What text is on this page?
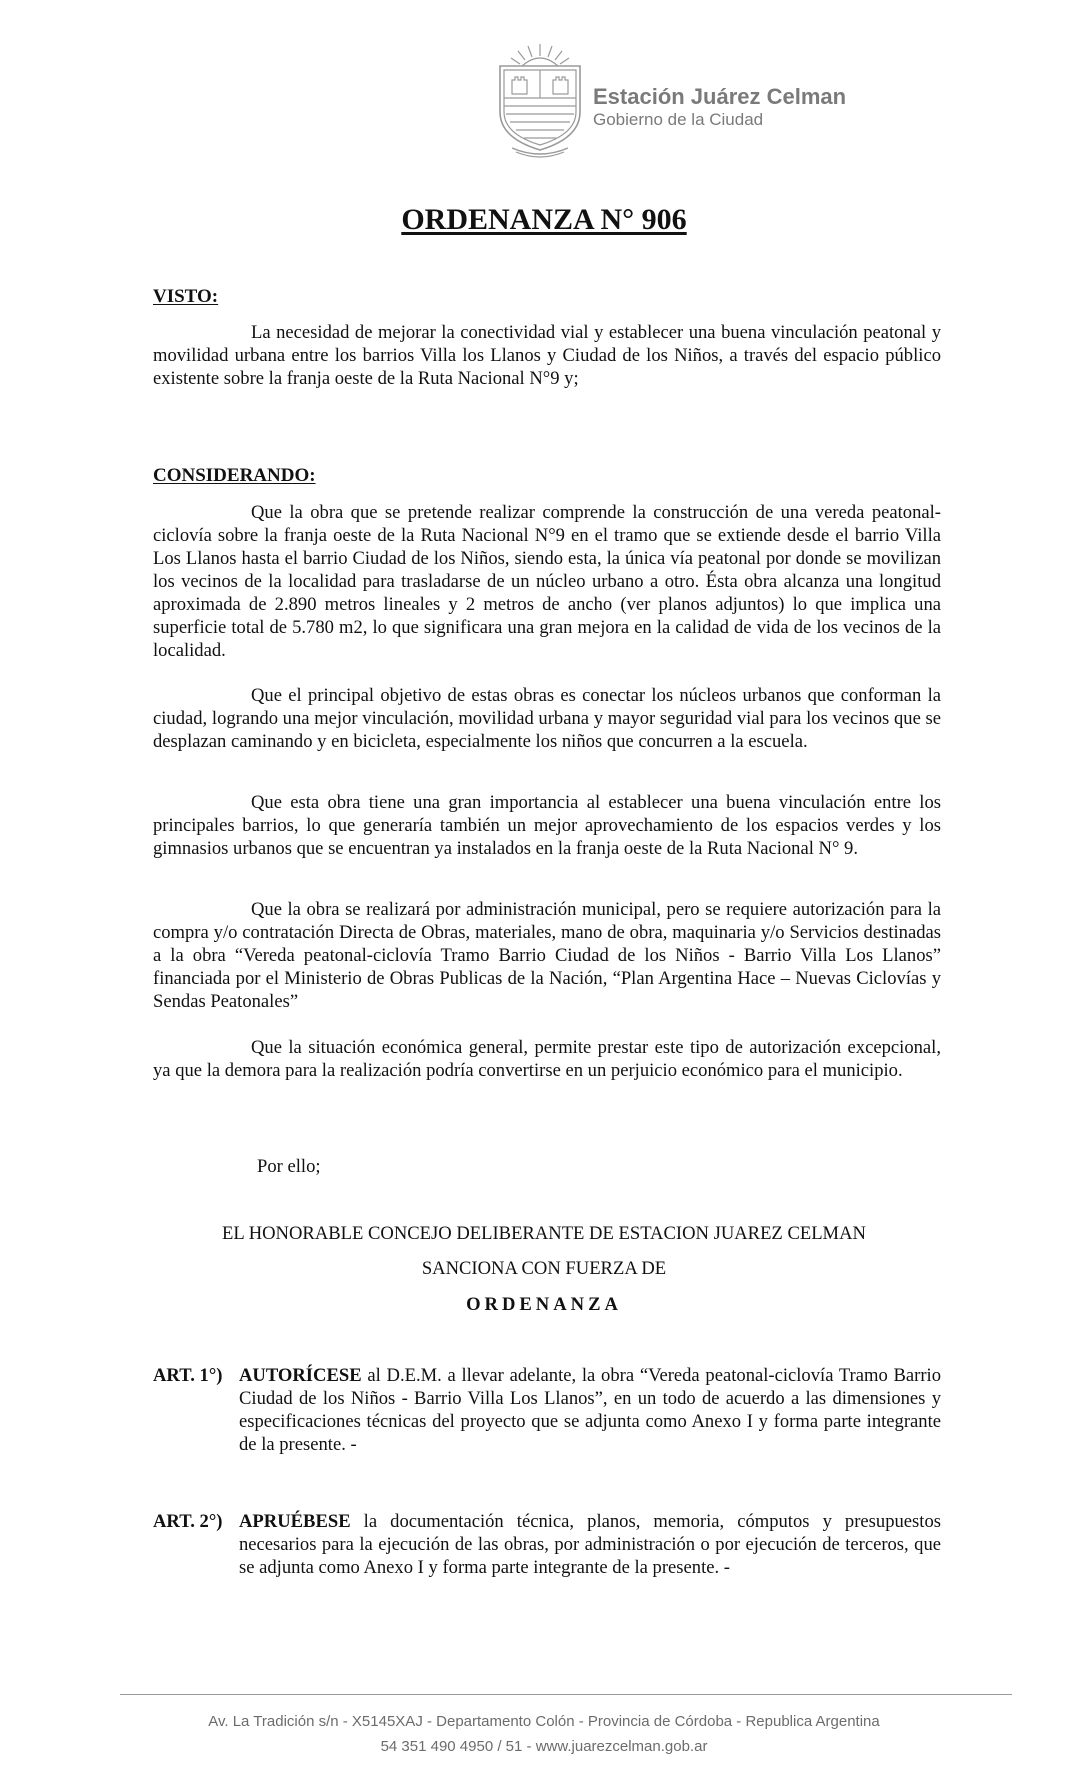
Estación Juárez Celman
Gobierno de la Ciudad
ORDENANZA N° 906
VISTO:

La necesidad de mejorar la conectividad vial y establecer una buena vinculación peatonal y movilidad urbana entre los barrios Villa los Llanos y Ciudad de los Niños, a través del espacio público existente sobre la franja oeste de la Ruta Nacional N°9 y;

CONSIDERANDO:

Que la obra que se pretende realizar comprende la construcción de una vereda peatonal-ciclovía sobre la franja oeste de la Ruta Nacional N°9 en el tramo que se extiende desde el barrio Villa Los Llanos hasta el barrio Ciudad de los Niños, siendo esta, la única vía peatonal por donde se movilizan los vecinos de la localidad para trasladarse de un núcleo urbano a otro. Ésta obra alcanza una longitud aproximada de 2.890 metros lineales y 2 metros de ancho (ver planos adjuntos) lo que implica una superficie total de 5.780 m2, lo que significara una gran mejora en la calidad de vida de los vecinos de la localidad.

Que el principal objetivo de estas obras es conectar los núcleos urbanos que conforman la ciudad, logrando una mejor vinculación, movilidad urbana y mayor seguridad vial para los vecinos que se desplazan caminando y en bicicleta, especialmente los niños que concurren a la escuela.

Que esta obra tiene una gran importancia al establecer una buena vinculación entre los principales barrios, lo que generaría también un mejor aprovechamiento de los espacios verdes y los gimnasios urbanos que se encuentran ya instalados en la franja oeste de la Ruta Nacional N° 9.

Que la obra se realizará por administración municipal, pero se requiere autorización para la compra y/o contratación Directa de Obras, materiales, mano de obra, maquinaria y/o Servicios destinadas a la obra “Vereda peatonal-ciclovía Tramo Barrio Ciudad de los Niños - Barrio Villa Los Llanos” financiada por el Ministerio de Obras Publicas de la Nación, “Plan Argentina Hace – Nuevas Ciclovías y Sendas Peatonales”

Que la situación económica general, permite prestar este tipo de autorización excepcional, ya que la demora para la realización podría convertirse en un perjuicio económico para el municipio.

Por ello;
EL HONORABLE CONCEJO DELIBERANTE DE ESTACION JUAREZ CELMAN
SANCIONA CON FUERZA DE
ORDENANZA
ART. 1°) AUTORÍCESE al D.E.M. a llevar adelante, la obra “Vereda peatonal-ciclovía Tramo Barrio Ciudad de los Niños - Barrio Villa Los Llanos”, en un todo de acuerdo a las dimensiones y especificaciones técnicas del proyecto que se adjunta como Anexo I y forma parte integrante de la presente. -
ART. 2°) APRUÉBESE la documentación técnica, planos, memoria, cómputos y presupuestos necesarios para la ejecución de las obras, por administración o por ejecución de terceros, que se adjunta como Anexo I y forma parte integrante de la presente. -
Av. La Tradición s/n - X5145XAJ - Departamento Colón - Provincia de Córdoba - Republica Argentina
54 351 490 4950 / 51 - www.juarezcelman.gob.ar
